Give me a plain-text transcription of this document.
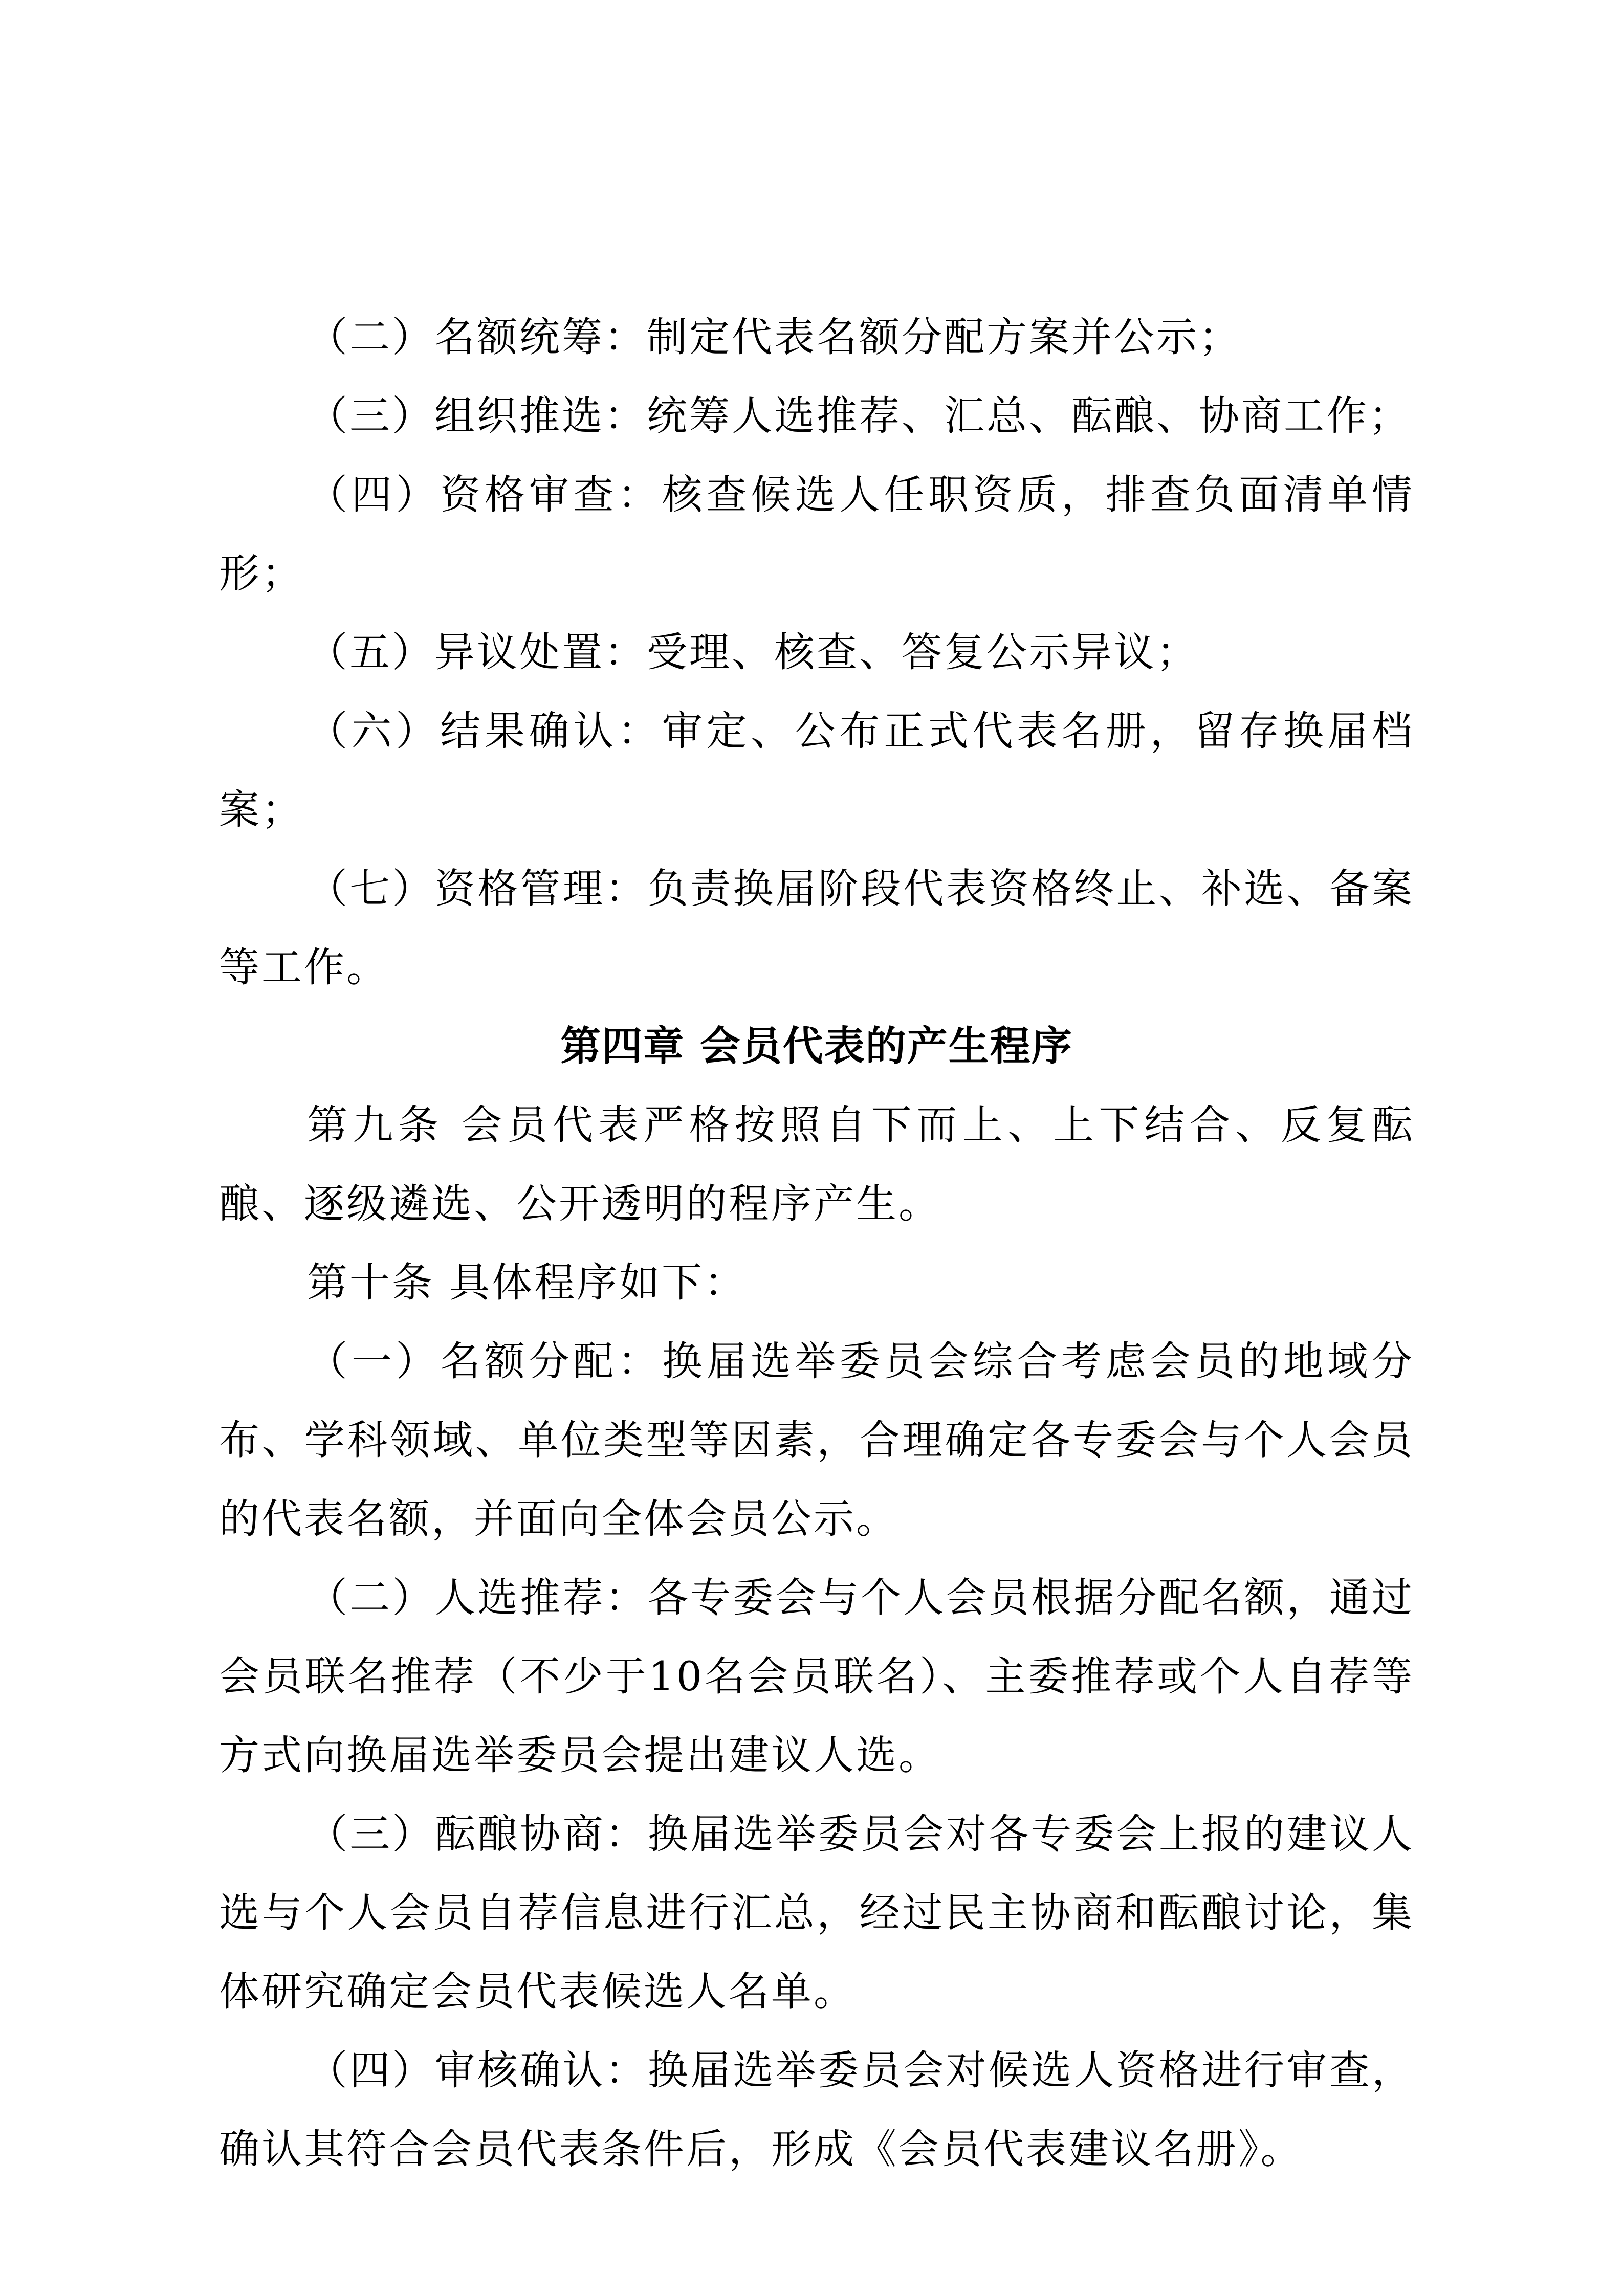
（二）名额统筹：制定代表名额分配方案并公示；

（三）组织推选：统筹人选推荐、汇总、酝酿、协商工作；

（四）资格审查：核查候选人任职资质，排查负面清单情形；

（五）异议处置：受理、核查、答复公示异议；

（六）结果确认：审定、公布正式代表名册，留存换届档案；

（七）资格管理：负责换届阶段代表资格终止、补选、备案等工作。

第四章 会员代表的产生程序

第九条 会员代表严格按照自下而上、上下结合、反复酝酿、逐级遴选、公开透明的程序产生。

第十条 具体程序如下：

（一）名额分配：换届选举委员会综合考虑会员的地域分布、学科领域、单位类型等因素，合理确定各专委会与个人会员的代表名额，并面向全体会员公示。

（二）人选推荐：各专委会与个人会员根据分配名额，通过会员联名推荐（不少于10名会员联名）、主委推荐或个人自荐等方式向换届选举委员会提出建议人选。

（三）酝酿协商：换届选举委员会对各专委会上报的建议人选与个人会员自荐信息进行汇总，经过民主协商和酝酿讨论，集体研究确定会员代表候选人名单。

（四）审核确认：换届选举委员会对候选人资格进行审查，确认其符合会员代表条件后，形成《会员代表建议名册》。
